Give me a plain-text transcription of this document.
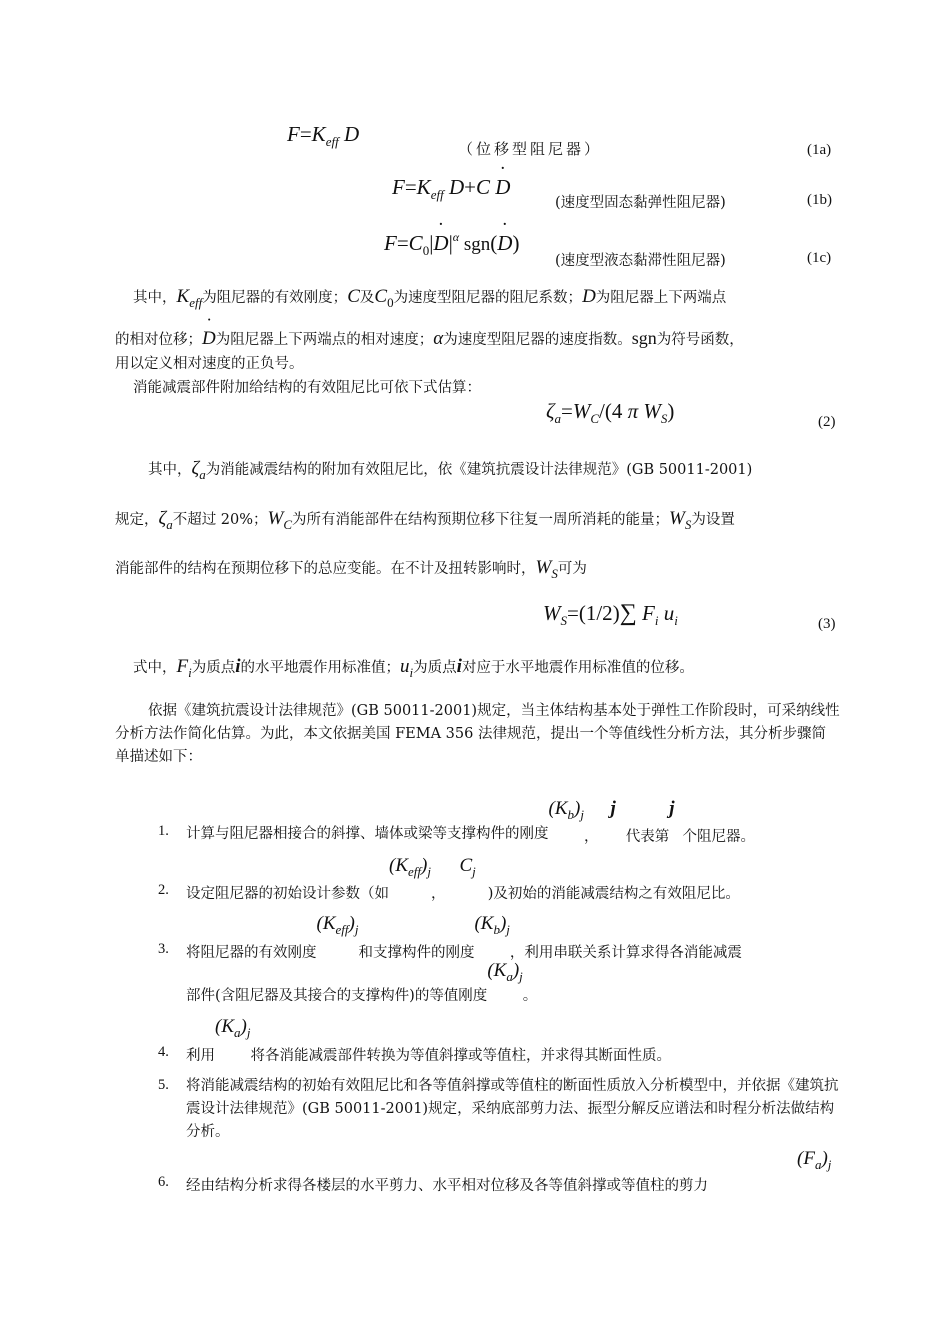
$F=K_{eff}$ D
（位移型阻尼器）	(1a)
$F=K_{eff}$ D+C ˙ D
(速度型固态黏弹性阻尼器)	(1b)
$F=C_0|˙$ $D|^\alpha$ sgn(˙ D)
(速度型液态黏滞性阻尼器)	(1c)
其中，Keff为阻尼器的有效刚度；C及C0为速度型阻尼器的阻尼系数；D为阻尼器上下两端点
的相对位移；˙ D为阻尼器上下两端点的相对速度；α为速度型阻尼器的速度指数。sgn为符号函数，
用以定义相对速度的正负号。
消能减震部件附加给结构的有效阻尼比可依下式估算：
$\zeta_a=W_C/(4$ π $W_S$)	(2)
其中，ζa为消能减震结构的附加有效阻尼比，依《建筑抗震设计法律规范》(GB 50011-2001)
规定，ζa不超过 20%；WC为所有消能部件在结构预期位移下往复一周所消耗的能量；WS为设置
消能部件的结构在预期位移下的总应变能。在不计及扭转影响时，WS可为
$W_S=(1/2)\sum$ $F_i$ $u_i$	(3)
式中，Fi为质点i的水平地震作用标准值；ui为质点i对应于水平地震作用标准值的位移。
依据《建筑抗震设计法律规范》(GB 50011-2001)规定，当主体结构基本处于弹性工作阶段时，可采纳线性分析方法作简化估算。为此，本文依据美国 FEMA 356 法律规范，提出一个等值线性分析方法，其分析步骤简单描述如下：
1. 计算与阻尼器相接合的斜撑、墙体或梁等支撑构件的刚度$(K_b)_j$，j代表第j个阻尼器。
2. 设定阻尼器的初始设计参数（如$(K_{eff})_j$，$C_j$)及初始的消能减震结构之有效阻尼比。
3. 将阻尼器的有效刚度$(K_{eff})_j$和支撑构件的刚度$(K_b)_j$，利用串联关系计算求得各消能减震
部件(含阻尼器及其接合的支撑构件)的等值刚度$(K_a)_j$。
4. 利用$(K_a)_j$将各消能减震部件转换为等值斜撑或等值柱，并求得其断面性质。
5. 将消能减震结构的初始有效阻尼比和各等值斜撑或等值柱的断面性质放入分析模型中，并依据《建筑抗震设计法律规范》(GB 50011-2001)规定，采纳底部剪力法、振型分解反应谱法和时程分析法做结构分析。
6. 经由结构分析求得各楼层的水平剪力、水平相对位移及各等值斜撑或等值柱的剪力
$(F_a)_j$
